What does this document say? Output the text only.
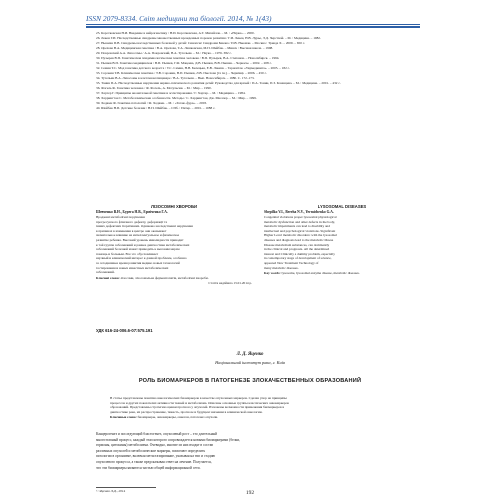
ISSN 2079-8334. Світ медицини та біології. 2014, № 1(43)

25. Коротковская Н.И. Введение в нейрогенетику / Н.И. Коротковская, А.Т. Михайлов. – М. : «Наука». – 2000.

26. Лекен Г.И. Наследственные синдромы множественных врожденных пороков развития / Г.И. Лекен, Н.В. Лурье, Э.Д. Черствой. – М. : Медицина. – 1982.

27. Ньюман П.В. Синдромы наследственных болезней у детей: Синопсис Синдроми Бавова / П.В. Ньюман. – Москва : Триада Х. – 2009. – 650 с.

28. Орехова В.А. Медицинская генетика / В.А. Орехова, Т.А. Лашковская, М.П. Шейбак. – Минск : Высшая школа. – 1998.

29. Покровский А.А. Лизосомы / А.А. Покровский, В.А. Тутельян. – М. : Наука. – 1976. 382 с.

30. Пузырев В.П. Генетическая эпидемиологическая генетика человека / В.П. Пузырев, В.А. Степанов. – Новосибирск. – 1994.

31. Пышев В.П. Генетика медицинская / В.П. Пышев, Г.Ф. Мацеева, Д.В. Пышев, В.В. Пышев. – Черкасы. – 2002. – 208 с.

32. Семин Т.С. Мод генетика детского возраста / Т.С. Семин, Н.В. Белецька, Е.В. Лакиш. – Тернопіль: «Укрмедкнига». – 2005. – 182 с.

33. Сорокин Т.В. Клиническая генетика / Т.В. Сорокин, В.П. Пышев, Л.В. Пыслова [та ін.]. – Чернівці. – 2006. – 450 с.

34. Тутельян В.А. Лизосомы в клеточном пищеваре / В.А. Тутельян. – Вып. Новосибирск. – 1980. С. 172–173.

35. Тонин П.А. Наследственные нарушения нервно-психического развития детей: Руководство для врачей / П.А. Тонин, П.З. Казанцева. – М. : Медицина. – 2001. – 432 с.

36. Фогель Ф. Генетика человека / Ф. Фогель, А. Мотульски. – М. : Мир. – 1990.

37. Хартер Г. Принципы неонатальной генетики и ассистирования / Г. Хартер. – М. : Медицина. – 1984.

38. Харрингтон С. Метаболомические особенности. Методы / С. Харрингтон, Дж. Мюллер. – М. : Мир. – 1999.

39. Ходжен Ф. Генетика патологий / Ф. Ходжен. – М. : «Техно-фура». – 2003.

40. Шейбак Н.П. Детские болезни / Н.П. Шейбак. – СПб. : Питер. – 2001. – 1088 с.

ЛІЗОСОМНІ ХВОРОБИ

Шевченко В.Н., Бурега Н.В., Ерміченко Г.А.

Вроджені метаболічні порушення

прогресуючого фізичного дефекту, деформації та

інших дефектних ітеративних. Однаково наследственні нарушения

в причинах в изменения в центре они оказывают

значительное влияние на интеллектуальное и физическое

развитие ребенка. Высокий уровень инвалидности приводит

к той группе заболеваний и раннее диагностика метаболических

заболеваний болезней может приводить к высоким мерам

помощь и больным. Все это обусловливает

научный и клинический интерес к данной проблеме, особенно

за сегодняшнее время развития медико новых технологий

тестирования и новых известных метаболических

заболеваний.

Ключові слова: лізосоми, лізосомальна ферментопатія, метаболічні хвороби.

Стаття надійшла 13.01.2014 р.

LYSOSOMAL DISEASES

Shepilko V.I., Bereha N.V., Yermichenko G.A.

Congenital violations proper lysosomal physiological

metabolic dysfunction and other defects in the body,

metabolic impairments can lead to disability and

intellectual and psychological violations. Significant

Higher Level metabolic disorders: with the lysosomal

diseases and diagnosis lead to the metabolic illness

Disease metabolism substances, can dominantly

in the clinical and prognosis. All the determined

interest and Clinically a dummy problem, especially

in contemporary stage of development of science,

appeared New Treatment Technology of

many metabolic diseases.

Key words: lysosome, lysosomal enzyme disease, metabolic diseases.

УДК 616-24-006.6-07:575.191
Л. Д. Яценко
Національний інститут рака, г. Київ
РОЛЬ БИОМАРКЕРОВ В ПАТОГЕНЕЗЕ ЗЛОКАЧЕСТВЕННЫХ ОБРАЗОВАНИЙ

В статье представлены понятия онкологических биомаркеров в качестве опухолевых маркеров. Сделан упор на принципы

процессов и других показателях активности тканей и метаболизма. Описаны основные группы классических онкомаркеров

образований. Представлены стратегии оценки прогноза у опухолей. Изложены возможности применения биомаркеров в

диагностике рака, их распространение, тяжесть, прогнозе и будущем значении в клинической онкологии.

Ключевые слова: биомаркеры, онкомаркеры, онкоген, патогенез опухоли.

Канцерогенез и последующий бластогенез, опухолевый рост – это длительный

многоэтапный процесс, каждый этап которого сопровождается новыми биомаркерами (белки,

гормоны, цитокины) метаболизма. Очевидно, многие из них входят в состав

различных опухолей и метаболические маркеры, помогают определить

патологии в организме, включая метастазирование, указывая на тип и стадию

опухолевого процесса, а также предсказывая ответ на лечение. Получается,

что эти биомаркеры являются частью общей информационной сети.

© Яценко Л.Д., 2014	192
